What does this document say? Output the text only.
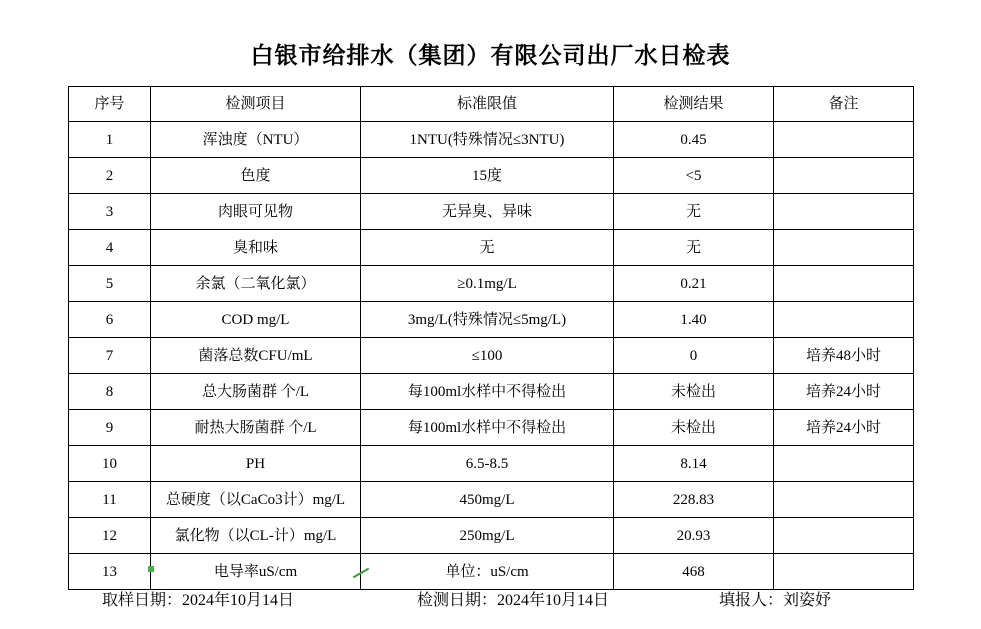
白银市给排水（集团）有限公司出厂水日检表
序号	检测项目	标准限值	检测结果	备注
1	浑浊度（NTU）	1NTU(特殊情况≤3NTU)	0.45	
2	色度	15度	<5	
3	肉眼可见物	无异臭、异味	无	
4	臭和味	无	无	
5	余氯（二氧化氯）	≥0.1mg/L	0.21	
6	COD mg/L	3mg/L(特殊情况≤5mg/L)	1.40	
7	菌落总数CFU/mL	≤100	0	培养48小时
8	总大肠菌群 个/L	每100ml水样中不得检出	未检出	培养24小时
9	耐热大肠菌群 个/L	每100ml水样中不得检出	未检出	培养24小时
10	PH	6.5-8.5	8.14	
11	总硬度（以CaCo3计）mg/L	450mg/L	228.83	
12	氯化物（以CL-计）mg/L	250mg/L	20.93	
13	电导率uS/cm	单位：uS/cm	468	
取样日期：2024年10月14日	检测日期：2024年10月14日	填报人：刘姿妤
